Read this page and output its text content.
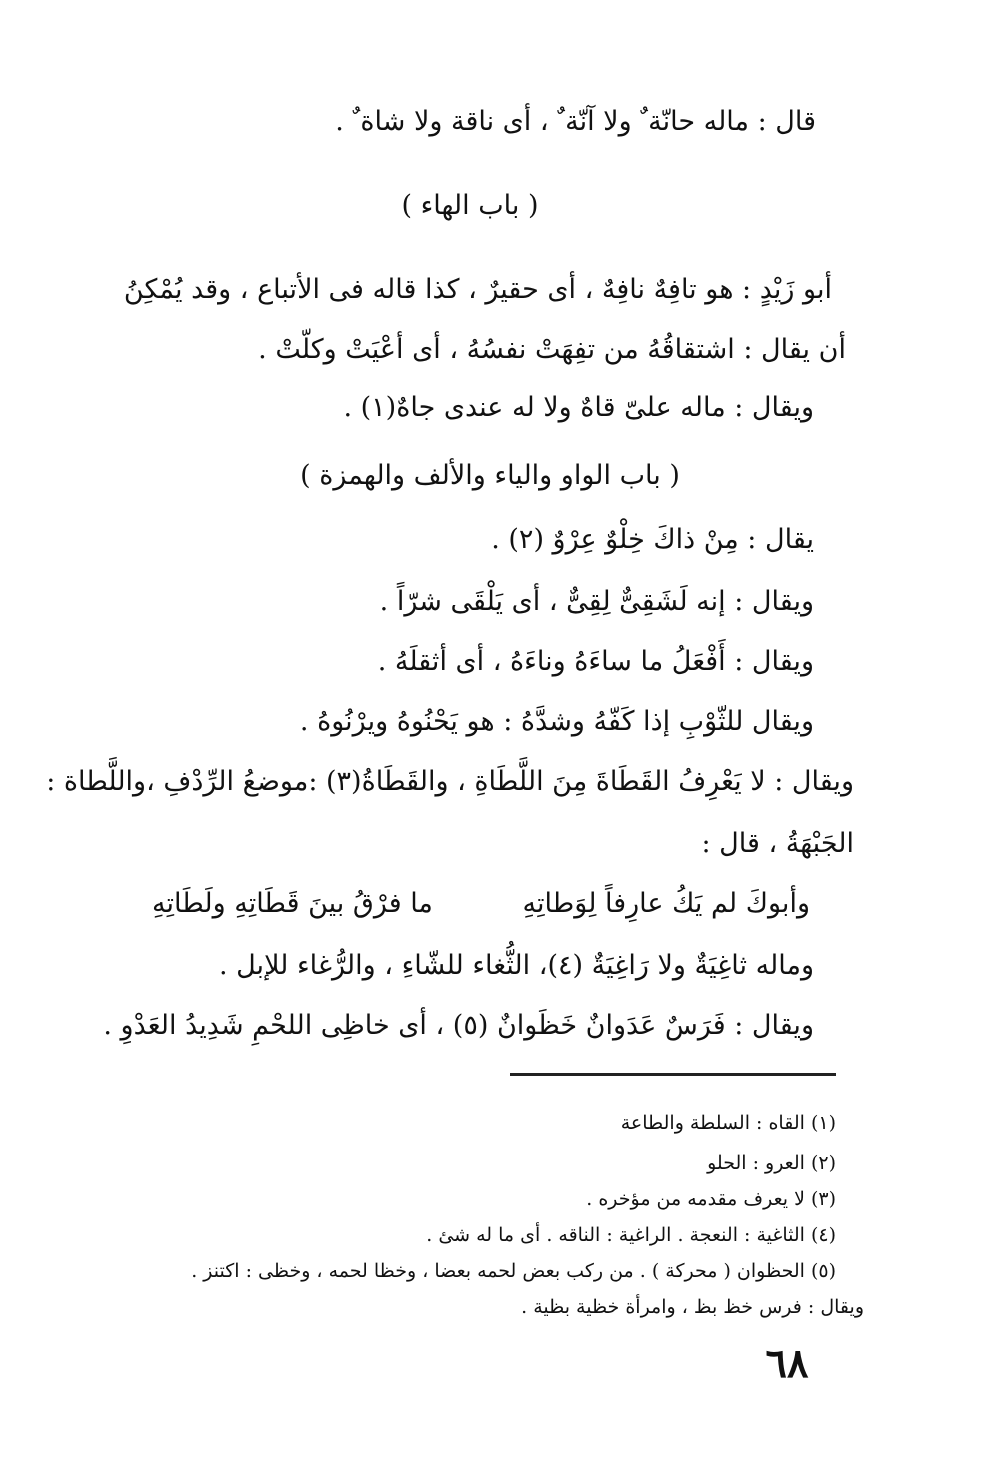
قال : ماله حانّة ٌ ولا آنّة ٌ ، أى ناقة ولا شاة ٌ .
( باب الهاء )
أبو زَيْدٍ : هو تافِهٌ نافِهٌ ، أى حقيرٌ ، كذا قاله فى الأتباع ، وقد يُمْكِنُ
أن يقال : اشتقاقُهُ من تفِهَتْ نفسُهُ ، أى أعْيَتْ وكلّتْ .
ويقال : ماله علىّ قاهٌ ولا له عندى جاهٌ(١) .
( باب الواو والياء والألف والهمزة )
يقال : مِنْ ذاكَ خِلْوٌ عِرْوٌ (٢) .
ويقال : إنه لَشَقِىٌّ لِقِىٌّ ، أى يَلْقَى شرّاً .
ويقال : أَفْعَلُ ما ساءَهُ وناءَهُ ، أى أثقلَهُ .
ويقال للثّوْبِ إذا كَفّهُ وشدَّهُ : هو يَحْنُوهُ ويرْنُوهُ .
ويقال : لا يَعْرِفُ القَطَاةَ مِنَ اللَّطَاةِ ، والقَطَاةُ(٣) :موضعُ الرِّدْفِ ،واللَّطاة :
الجَبْهَةُ ، قال :
وأبوكَ لم يَكُ عارِفاً لِوَطاتِهِ
ما فرْقُ بينَ قَطَاتِهِ ولَطَاتِهِ
وماله ثاغِيَةٌ ولا رَاغِيَةٌ (٤)، الثُّغاء للشّاءِ ، والرُّغاء للإبل .
ويقال : فَرَسٌ عَدَوانٌ خَظَوانٌ (٥) ، أى خاظِى اللحْمِ شَدِيدُ العَدْوِ .
(١) القاه : السلطة والطاعة
(٢) العرو : الحلو
(٣) لا يعرف مقدمه من مؤخره .
(٤) الثاغية : النعجة . الراغية : الناقه . أى ما له شئ .
(٥) الحظوان ( محركة ) . من ركب بعض لحمه بعضا ، وخظا لحمه ، وخظى : اكتنز .
ويقال : فرس خظ بظ ، وامرأة خظية بظية .
٦٨
